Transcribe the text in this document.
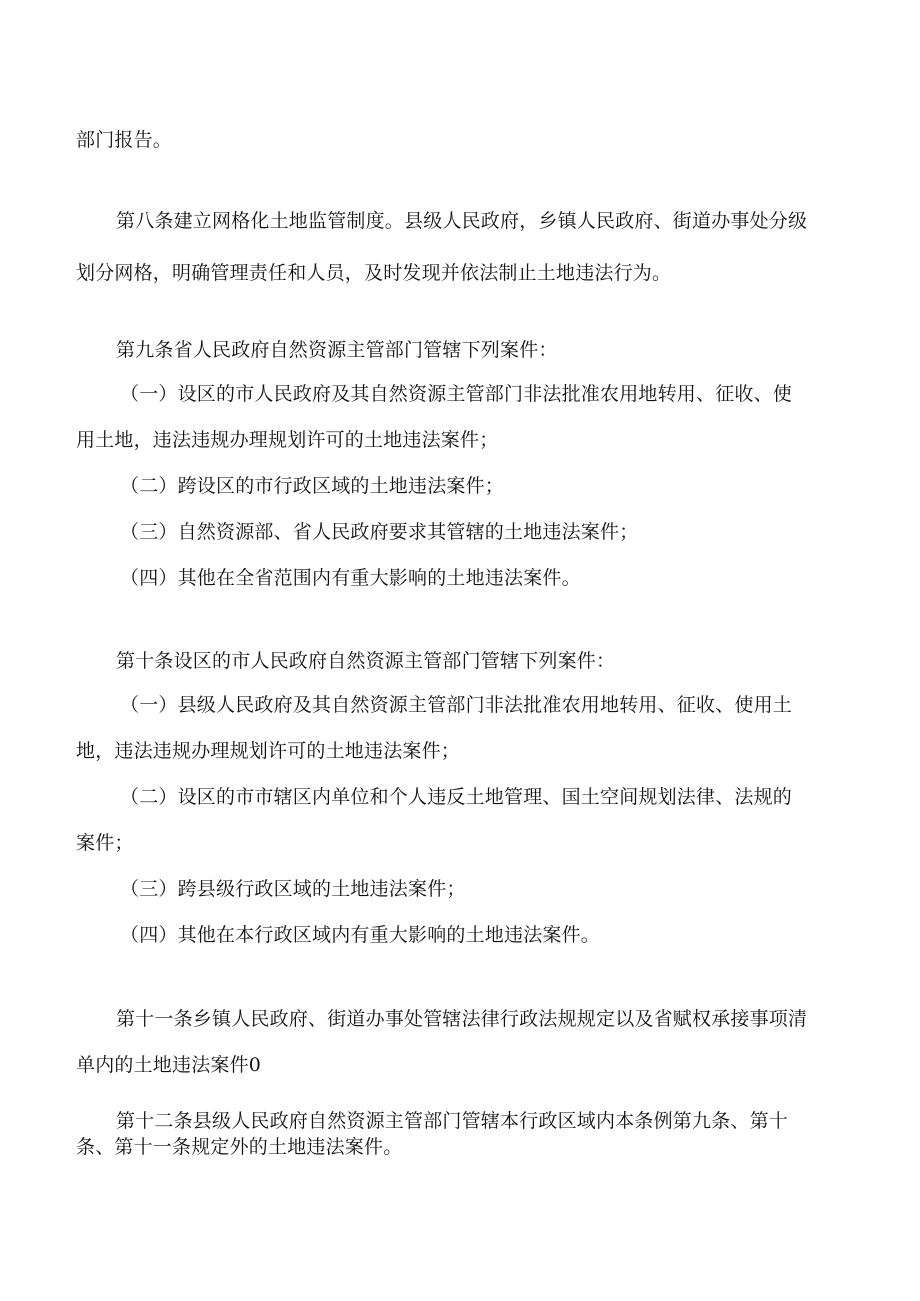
部门报告。
第八条建立网格化土地监管制度。县级人民政府，乡镇人民政府、街道办事处分级
划分网格，明确管理责任和人员，及时发现并依法制止土地违法行为。
第九条省人民政府自然资源主管部门管辖下列案件：
（一）设区的市人民政府及其自然资源主管部门非法批准农用地转用、征收、使
用土地，违法违规办理规划许可的土地违法案件；
（二）跨设区的市行政区域的土地违法案件；
（三）自然资源部、省人民政府要求其管辖的土地违法案件；
（四）其他在全省范围内有重大影响的土地违法案件。
第十条设区的市人民政府自然资源主管部门管辖下列案件：
（一）县级人民政府及其自然资源主管部门非法批准农用地转用、征收、使用土
地，违法违规办理规划许可的土地违法案件；
（二）设区的市市辖区内单位和个人违反土地管理、国土空间规划法律、法规的
案件；
（三）跨县级行政区域的土地违法案件；
（四）其他在本行政区域内有重大影响的土地违法案件。
第十一条乡镇人民政府、街道办事处管辖法律行政法规规定以及省赋权承接事项清
单内的土地违法案件0
第十二条县级人民政府自然资源主管部门管辖本行政区域内本条例第九条、第十
条、第十一条规定外的土地违法案件。
